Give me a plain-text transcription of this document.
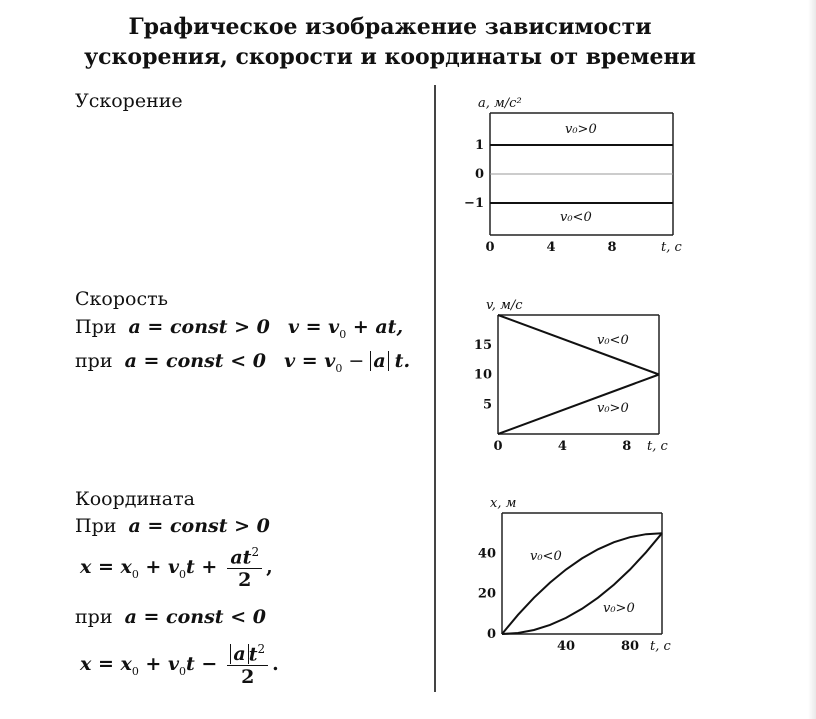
Графическое изображение зависимости
ускорения, скорости и координаты от времени
Ускорение
Скорость
При a = const > 0 $v = v_0$ + at,
при a = const < 0 $v = v_0 - a$ t.
Координата
При a = const > 0
$x = x_0 + v_0t + \frac{at^2}{2}$ ,
при a = const < 0
$x = x_0 + v_0t - \frac{a t^2}{2}$ .
a, м/с²
t, c
0	4	8
1
0
−1
v₀>0
v₀<0
v, м/с
t, c
0	4	8
15
10
5
v₀<0
v₀>0
x, м
t, c
40	80
0
20
40	v₀<0
v₀>0
